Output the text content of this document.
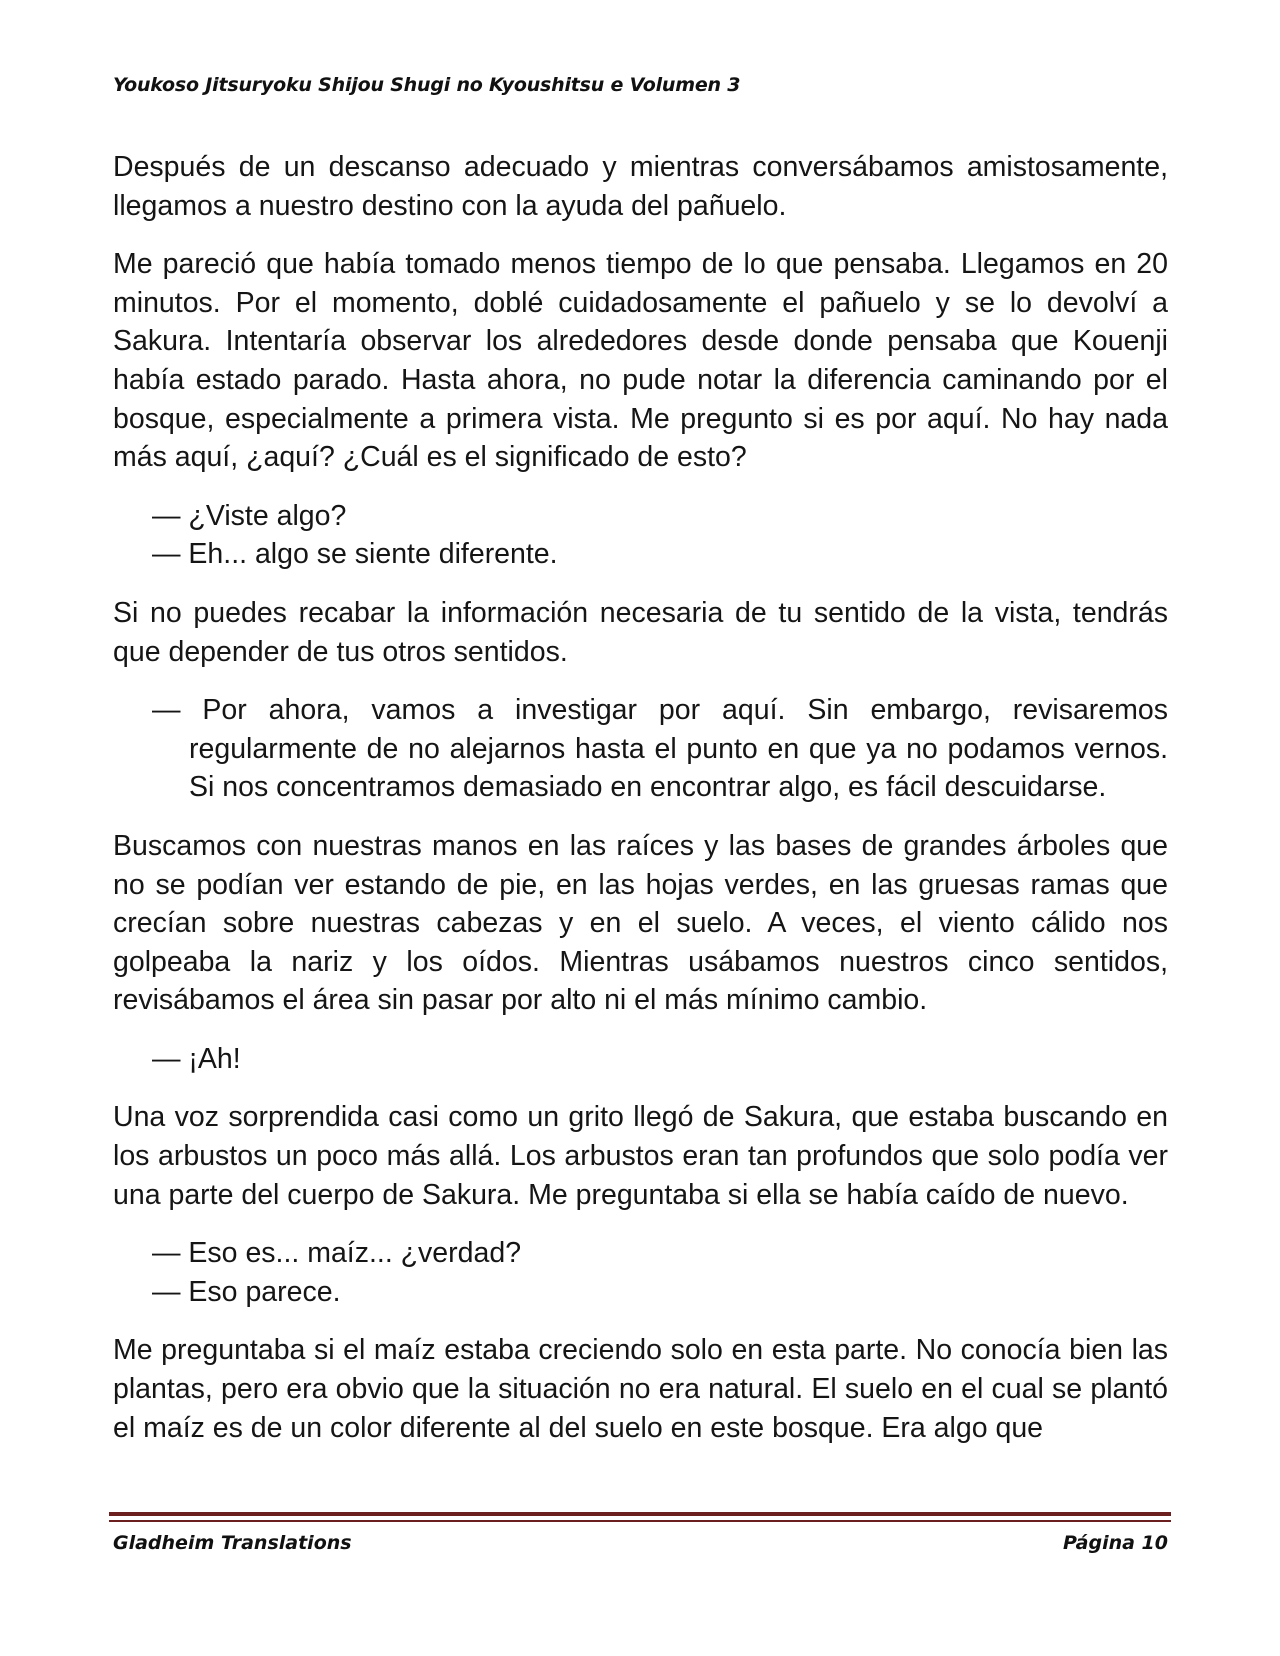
Youkoso Jitsuryoku Shijou Shugi no Kyoushitsu e Volumen 3

Después de un descanso adecuado y mientras conversábamos amistosamente, llegamos a nuestro destino con la ayuda del pañuelo.

Me pareció que había tomado menos tiempo de lo que pensaba. Llegamos en 20 minutos. Por el momento, doblé cuidadosamente el pañuelo y se lo devolví a Sakura. Intentaría observar los alrededores desde donde pensaba que Kouenji había estado parado. Hasta ahora, no pude notar la diferencia caminando por el bosque, especialmente a primera vista. Me pregunto si es por aquí. No hay nada más aquí, ¿aquí? ¿Cuál es el significado de esto?

— ¿Viste algo?

— Eh... algo se siente diferente.

Si no puedes recabar la información necesaria de tu sentido de la vista, tendrás que depender de tus otros sentidos.

— Por ahora, vamos a investigar por aquí. Sin embargo, revisaremos regularmente de no alejarnos hasta el punto en que ya no podamos vernos. Si nos concentramos demasiado en encontrar algo, es fácil descuidarse.

Buscamos con nuestras manos en las raíces y las bases de grandes árboles que no se podían ver estando de pie, en las hojas verdes, en las gruesas ramas que crecían sobre nuestras cabezas y en el suelo. A veces, el viento cálido nos golpeaba la nariz y los oídos. Mientras usábamos nuestros cinco sentidos, revisábamos el área sin pasar por alto ni el más mínimo cambio.

— ¡Ah!

Una voz sorprendida casi como un grito llegó de Sakura, que estaba buscando en los arbustos un poco más allá. Los arbustos eran tan profundos que solo podía ver una parte del cuerpo de Sakura. Me preguntaba si ella se había caído de nuevo.

— Eso es... maíz... ¿verdad?

— Eso parece.

Me preguntaba si el maíz estaba creciendo solo en esta parte. No conocía bien las plantas, pero era obvio que la situación no era natural. El suelo en el cual se plantó el maíz es de un color diferente al del suelo en este bosque. Era algo que

Gladheim Translations	Página 10
